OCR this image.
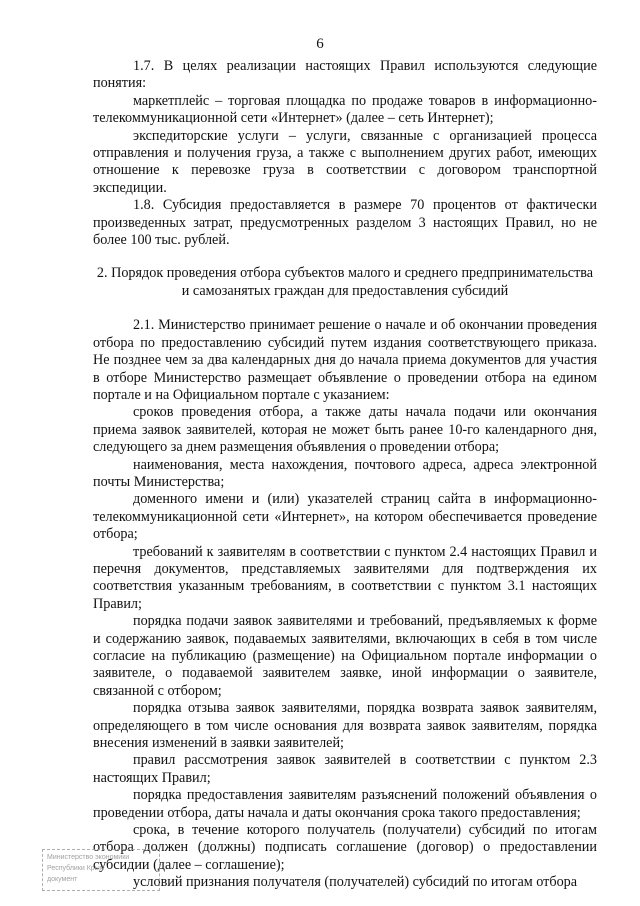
6

1.7. В целях реализации настоящих Правил используются следующие понятия:

маркетплейс – торговая площадка по продаже товаров в информационно-телекоммуникационной сети «Интернет» (далее – сеть Интернет);

экспедиторские услуги – услуги, связанные с организацией процесса отправления и получения груза, а также с выполнением других работ, имеющих отношение к перевозке груза в соответствии с договором транспортной экспедиции.

1.8. Субсидия предоставляется в размере 70 процентов от фактически произведенных затрат, предусмотренных разделом 3 настоящих Правил, но не более 100 тыс. рублей.

2. Порядок проведения отбора субъектов малого и среднего предпринимательства
и самозанятых граждан для предоставления субсидий

2.1. Министерство принимает решение о начале и об окончании проведения отбора по предоставлению субсидий путем издания соответствующего приказа. Не позднее чем за два календарных дня до начала приема документов для участия в отборе Министерство размещает объявление о проведении отбора на едином портале и на Официальном портале с указанием:

сроков проведения отбора, а также даты начала подачи или окончания приема заявок заявителей, которая не может быть ранее 10-го календарного дня, следующего за днем размещения объявления о проведении отбора;

наименования, места нахождения, почтового адреса, адреса электронной почты Министерства;

доменного имени и (или) указателей страниц сайта в информационно-телекоммуникационной сети «Интернет», на котором обеспечивается проведение отбора;

требований к заявителям в соответствии с пунктом 2.4 настоящих Правил и перечня документов, представляемых заявителями для подтверждения их соответствия указанным требованиям, в соответствии с пунктом 3.1 настоящих Правил;

порядка подачи заявок заявителями и требований, предъявляемых к форме и содержанию заявок, подаваемых заявителями, включающих в себя в том числе согласие на публикацию (размещение) на Официальном портале информации о заявителе, о подаваемой заявителем заявке, иной информации о заявителе, связанной с отбором;

порядка отзыва заявок заявителями, порядка возврата заявок заявителям, определяющего в том числе основания для возврата заявок заявителям, порядка внесения изменений в заявки заявителей;

правил рассмотрения заявок заявителей в соответствии с пунктом 2.3 настоящих Правил;

порядка предоставления заявителям разъяснений положений объявления о проведении отбора, даты начала и даты окончания срока такого предоставления;

срока, в течение которого получатель (получатели) субсидий по итогам отбора должен (должны) подписать соглашение (договор) о предоставлении субсидии (далее – соглашение);

условий признания получателя (получателей) субсидий по итогам отбора

Министерство экономики
Республики Крым
документ
